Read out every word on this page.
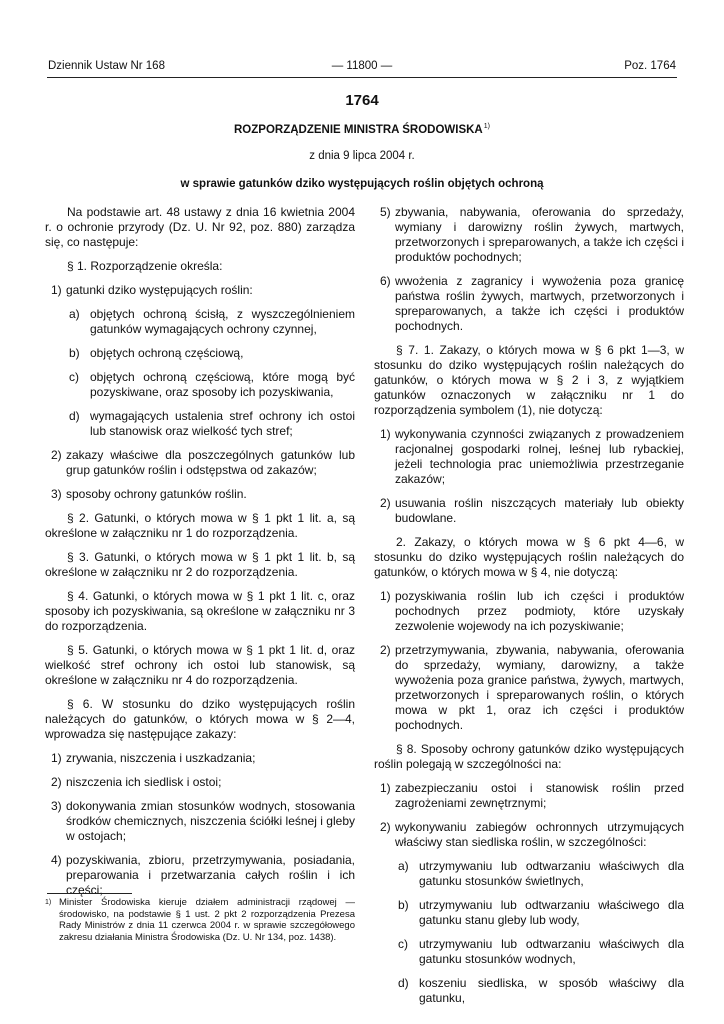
Dziennik Ustaw Nr 168	— 11800 —	Poz. 1764
1764
ROZPORZĄDZENIE MINISTRA ŚRODOWISKA$^{1)}$
z dnia 9 lipca 2004 r.
w sprawie gatunków dziko występujących roślin objętych ochroną

Na podstawie art. 48 ustawy z dnia 16 kwietnia 2004 r. o ochronie przyrody (Dz. U. Nr 92, poz. 880) zarządza się, co następuje:

§ 1. Rozporządzenie określa:

1) gatunki dziko występujących roślin:
a) objętych ochroną ścisłą, z wyszczególnieniem gatunków wymagających ochrony czynnej,
b) objętych ochroną częściową,
c) objętych ochroną częściową, które mogą być pozyskiwane, oraz sposoby ich pozyskiwania,
d) wymagających ustalenia stref ochrony ich ostoi lub stanowisk oraz wielkość tych stref;
2) zakazy właściwe dla poszczególnych gatunków lub grup gatunków roślin i odstępstwa od zakazów;
3) sposoby ochrony gatunków roślin.

§ 2. Gatunki, o których mowa w § 1 pkt 1 lit. a, są określone w załączniku nr 1 do rozporządzenia.

§ 3. Gatunki, o których mowa w § 1 pkt 1 lit. b, są określone w załączniku nr 2 do rozporządzenia.

§ 4. Gatunki, o których mowa w § 1 pkt 1 lit. c, oraz sposoby ich pozyskiwania, są określone w załączniku nr 3 do rozporządzenia.

§ 5. Gatunki, o których mowa w § 1 pkt 1 lit. d, oraz wielkość stref ochrony ich ostoi lub stanowisk, są określone w załączniku nr 4 do rozporządzenia.

§ 6. W stosunku do dziko występujących roślin należących do gatunków, o których mowa w § 2—4, wprowadza się następujące zakazy:

1) zrywania, niszczenia i uszkadzania;
2) niszczenia ich siedlisk i ostoi;
3) dokonywania zmian stosunków wodnych, stosowania środków chemicznych, niszczenia ściółki leśnej i gleby w ostojach;
4) pozyskiwania, zbioru, przetrzymywania, posiadania, preparowania i przetwarzania całych roślin i ich części;
1) Minister Środowiska kieruje działem administracji rządowej — środowisko, na podstawie § 1 ust. 2 pkt 2 rozporządzenia Prezesa Rady Ministrów z dnia 11 czerwca 2004 r. w sprawie szczegółowego zakresu działania Ministra Środowiska (Dz. U. Nr 134, poz. 1438).
5) zbywania, nabywania, oferowania do sprzedaży, wymiany i darowizny roślin żywych, martwych, przetworzonych i spreparowanych, a także ich części i produktów pochodnych;
6) wwożenia z zagranicy i wywożenia poza granicę państwa roślin żywych, martwych, przetworzonych i spreparowanych, a także ich części i produktów pochodnych.

§ 7. 1. Zakazy, o których mowa w § 6 pkt 1—3, w stosunku do dziko występujących roślin należących do gatunków, o których mowa w § 2 i 3, z wyjątkiem gatunków oznaczonych w załączniku nr 1 do rozporządzenia symbolem (1), nie dotyczą:

1) wykonywania czynności związanych z prowadzeniem racjonalnej gospodarki rolnej, leśnej lub rybackiej, jeżeli technologia prac uniemożliwia przestrzeganie zakazów;
2) usuwania roślin niszczących materiały lub obiekty budowlane.

2. Zakazy, o których mowa w § 6 pkt 4—6, w stosunku do dziko występujących roślin należących do gatunków, o których mowa w § 4, nie dotyczą:

1) pozyskiwania roślin lub ich części i produktów pochodnych przez podmioty, które uzyskały zezwolenie wojewody na ich pozyskiwanie;
2) przetrzymywania, zbywania, nabywania, oferowania do sprzedaży, wymiany, darowizny, a także wywożenia poza granice państwa, żywych, martwych, przetworzonych i spreparowanych roślin, o których mowa w pkt 1, oraz ich części i produktów pochodnych.

§ 8. Sposoby ochrony gatunków dziko występujących roślin polegają w szczególności na:

1) zabezpieczaniu ostoi i stanowisk roślin przed zagrożeniami zewnętrznymi;
2) wykonywaniu zabiegów ochronnych utrzymujących właściwy stan siedliska roślin, w szczególności:
a) utrzymywaniu lub odtwarzaniu właściwych dla gatunku stosunków świetlnych,
b) utrzymywaniu lub odtwarzaniu właściwego dla gatunku stanu gleby lub wody,
c) utrzymywaniu lub odtwarzaniu właściwych dla gatunku stosunków wodnych,
d) koszeniu siedliska, w sposób właściwy dla gatunku,
